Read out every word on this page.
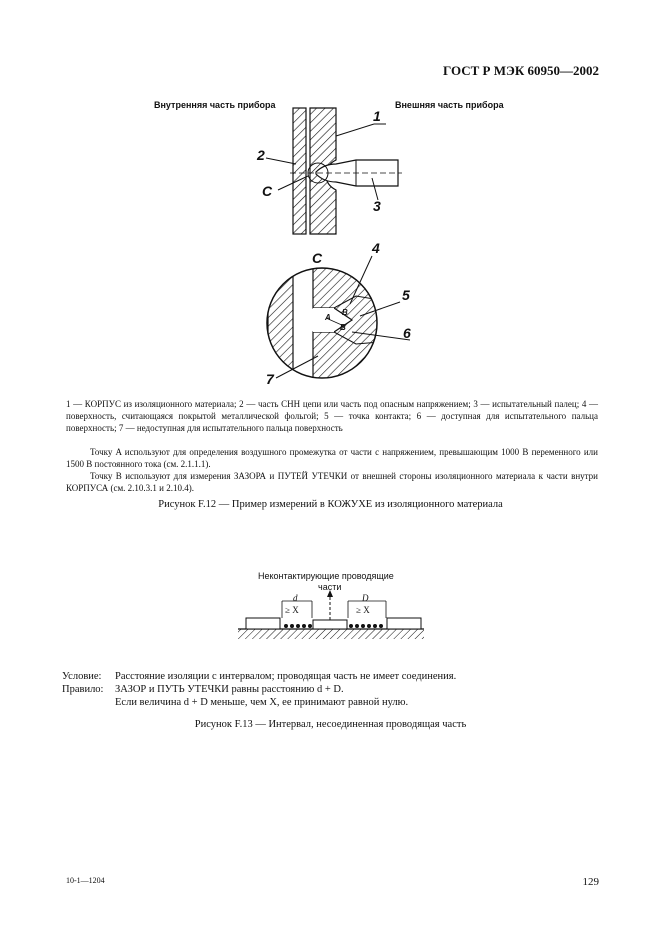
ГОСТ Р МЭК 60950—2002
Внутренняя часть прибора	Внешняя часть прибора
1
2
C
3
C
4
5
6
7
A
B
B
1 — КОРПУС из изоляционного материала; 2 — часть СНН цепи или часть под опасным напряжением; 3 — испытательный палец; 4 — поверхность, считающаяся покрытой металлической фольгой; 5 — точка контакта; 6 — доступная для испытательного пальца поверхность; 7 — недоступная для испытательного пальца поверхность
Точку A используют для определения воздушного промежутка от части с напряжением, превышающим 1000 В переменного или 1500 В постоянного тока (см. 2.1.1.1).
Точку B используют для измерения ЗАЗОРА и ПУТЕЙ УТЕЧКИ от внешней стороны изоляционного материала к части внутри КОРПУСА (см. 2.10.3.1 и 2.10.4).
Рисунок F.12 — Пример измерений в КОЖУХЕ из изоляционного материала
Неконтактирующие проводящие
части
d
≥ X
D
≥ X
Условие: Расстояние изоляции с интервалом; проводящая часть не имеет соединения.
Правило: ЗАЗОР и ПУТЬ УТЕЧКИ равны расстоянию d + D.
Если величина d + D меньше, чем X, ее принимают равной нулю.
Рисунок F.13 — Интервал, несоединенная проводящая часть
10-1—1204	129
